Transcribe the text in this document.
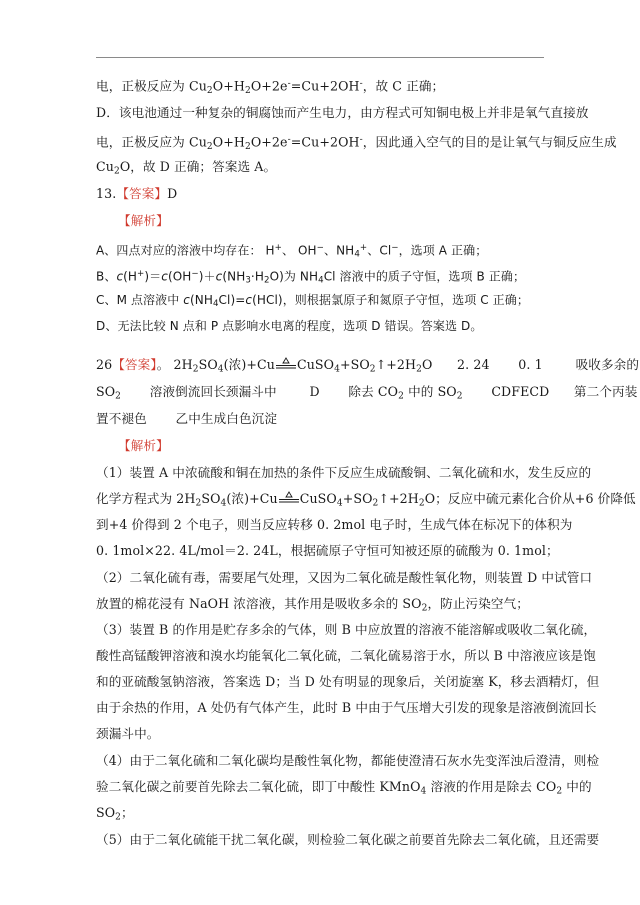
电，正极反应为 $Cu_2O+H_2O+2e^-=Cu+2OH^-$，故 C 正确；
D．该电池通过一种复杂的铜腐蚀而产生电力，由方程式可知铜电极上并非是氧气直接放
电，正极反应为 $Cu_2O+H_2O+2e^-=Cu+2OH^-$，因此通入空气的目的是让氧气与铜反应生成
$Cu_2O$，故 D 正确；答案选 A。
13.【答案】D
【解析】
A、四点对应的溶液中均存在： H+、 OH−、$NH_4^+$、Cl−，选项 A 正确；
B、$c(H^+)=c(OH^-)+c(NH_3\cdot H_2O)$为 $NH_4Cl$ 溶液中的质子守恒，选项 B 正确；
C、M 点溶液中 $c(NH_4Cl)=c(HCl)$，则根据氯原子和氮原子守恒，选项 C 正确；
D、无法比较 N 点和 P 点影响水电离的程度，选项 D 错误。答案选 D。
26【答案】。 $2H_2SO_4$(浓)+Cu $CuSO_4+SO_2↑+2H_2O$      2. 24       0. 1        吸收多余的
$SO_2$       溶液倒流回长颈漏斗中        D       除去 $CO_2$ 中的 $SO_2$       CDFECD      第二个丙装
置不褪色       乙中生成白色沉淀
【解析】
（1）装置 A 中浓硫酸和铜在加热的条件下反应生成硫酸铜、二氧化硫和水，发生反应的
化学方程式为 $2H_2SO_4$(浓)+Cu $CuSO_4+SO_2↑+2H_2O$；反应中硫元素化合价从+6 价降低
到+4 价得到 2 个电子，则当反应转移 0. 2mol 电子时，生成气体在标况下的体积为
0. 1mol×22. 4L/mol＝2. 24L，根据硫原子守恒可知被还原的硫酸为 0. 1mol；
（2）二氧化硫有毒，需要尾气处理，又因为二氧化硫是酸性氧化物，则装置 D 中试管口
放置的棉花浸有 NaOH 浓溶液，其作用是吸收多余的 $SO_2$，防止污染空气；
（3）装置 B 的作用是贮存多余的气体，则 B 中应放置的溶液不能溶解或吸收二氧化硫，
酸性高锰酸钾溶液和溴水均能氧化二氧化硫，二氧化硫易溶于水，所以 B 中溶液应该是饱
和的亚硫酸氢钠溶液，答案选 D；当 D 处有明显的现象后，关闭旋塞 K，移去酒精灯，但
由于余热的作用，A 处仍有气体产生，此时 B 中由于气压增大引发的现象是溶液倒流回长
颈漏斗中。
（4）由于二氧化硫和二氧化碳均是酸性氧化物，都能使澄清石灰水先变浑浊后澄清，则检
验二氧化碳之前要首先除去二氧化硫，即丁中酸性 KMnO$_4$ 溶液的作用是除去 $CO_2$ 中的
$SO_2$；
（5）由于二氧化硫能干扰二氧化碳，则检验二氧化碳之前要首先除去二氧化硫，且还需要
